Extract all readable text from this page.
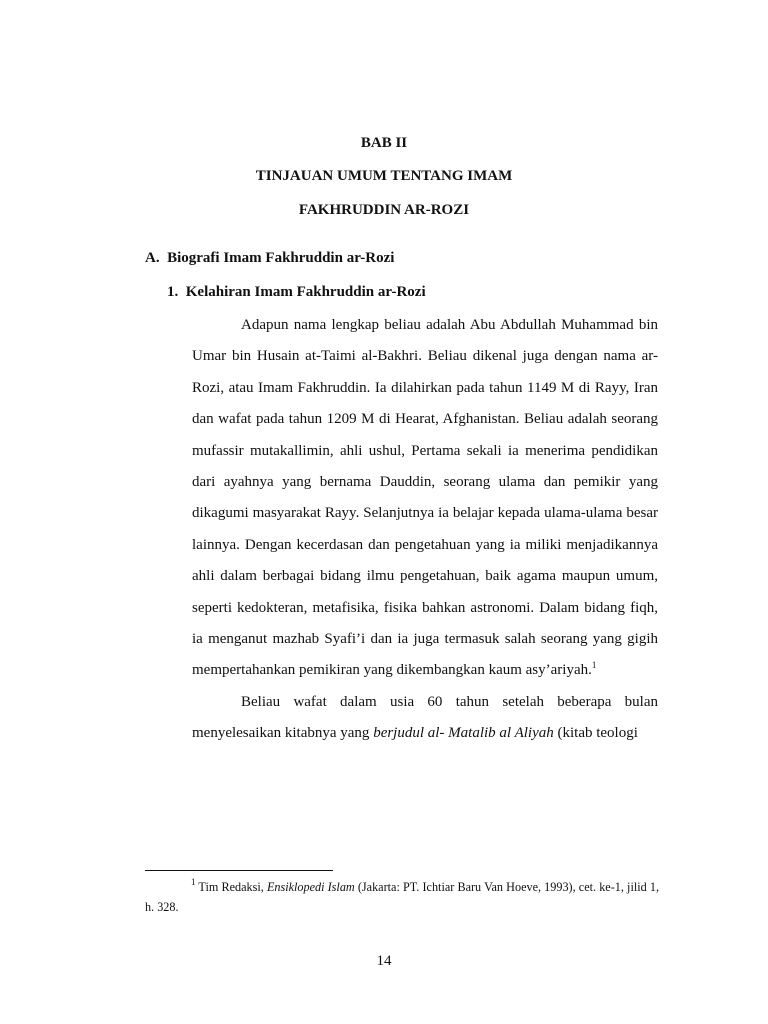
BAB II
TINJAUAN UMUM TENTANG IMAM
FAKHRUDDIN AR-ROZI
A.  Biografi Imam Fakhruddin ar-Rozi
1.  Kelahiran Imam Fakhruddin ar-Rozi

Adapun nama lengkap beliau adalah Abu Abdullah Muhammad bin Umar bin Husain at-Taimi al-Bakhri. Beliau dikenal juga dengan nama ar-Rozi, atau Imam Fakhruddin. Ia dilahirkan pada tahun 1149 M di Rayy, Iran dan wafat pada tahun 1209 M di Hearat, Afghanistan. Beliau adalah seorang mufassir mutakallimin, ahli ushul, Pertama sekali ia menerima pendidikan dari ayahnya yang bernama Dauddin, seorang ulama dan pemikir yang dikagumi masyarakat Rayy. Selanjutnya ia belajar kepada ulama-ulama besar lainnya. Dengan kecerdasan dan pengetahuan yang ia miliki menjadikannya ahli dalam berbagai bidang ilmu pengetahuan, baik agama maupun umum, seperti kedokteran, metafisika, fisika bahkan astronomi. Dalam bidang fiqh, ia menganut mazhab Syafi’i dan ia juga termasuk salah seorang yang gigih mempertahankan pemikiran yang dikembangkan kaum asy’ariyah.$^1$

Beliau wafat dalam usia 60 tahun setelah beberapa bulan menyelesaikan kitabnya yang berjudul al- Matalib al Aliyah (kitab teologi

$^1$ Tim Redaksi, Ensiklopedi Islam (Jakarta: PT. Ichtiar Baru Van Hoeve, 1993), cet. ke-1, jilid 1, h. 328.
14
